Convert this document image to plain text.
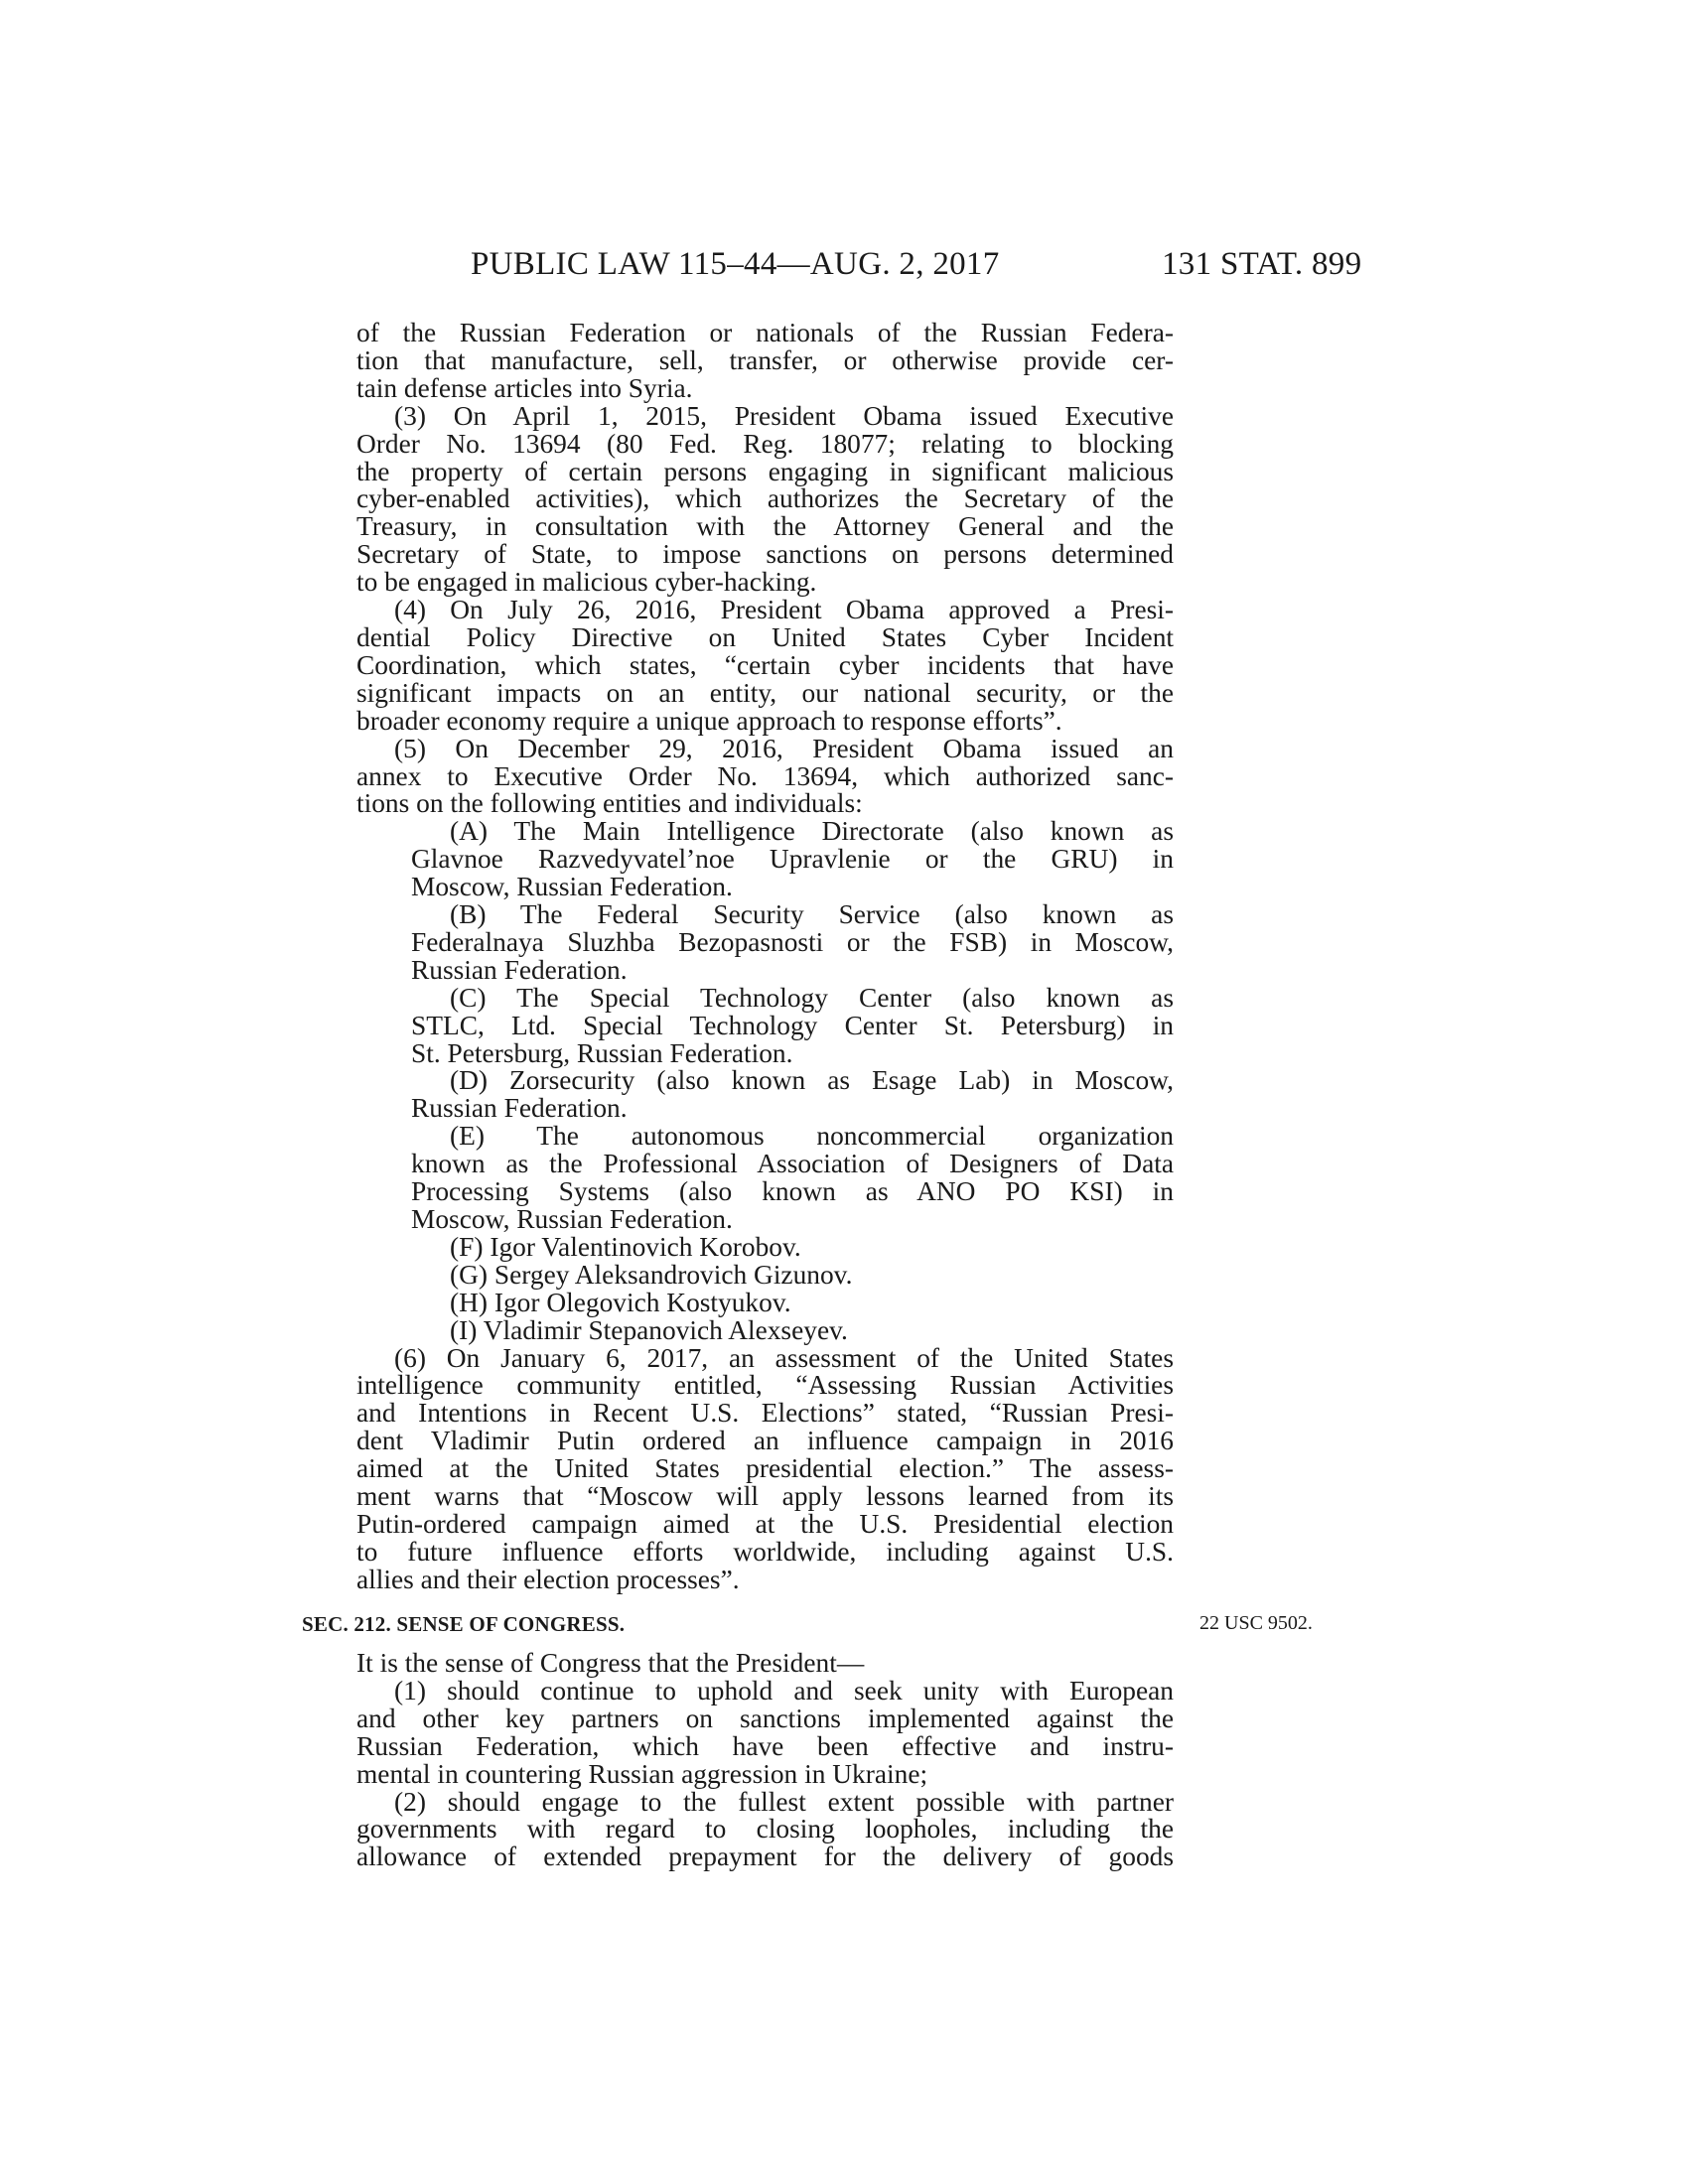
PUBLIC LAW 115–44—AUG. 2, 2017	131 STAT. 899
of the Russian Federation or nationals of the Russian Federa-
tion that manufacture, sell, transfer, or otherwise provide cer-
tain defense articles into Syria.
(3) On April 1, 2015, President Obama issued Executive
Order No. 13694 (80 Fed. Reg. 18077; relating to blocking
the property of certain persons engaging in significant malicious
cyber-enabled activities), which authorizes the Secretary of the
Treasury, in consultation with the Attorney General and the
Secretary of State, to impose sanctions on persons determined
to be engaged in malicious cyber-hacking.
(4) On July 26, 2016, President Obama approved a Presi-
dential Policy Directive on United States Cyber Incident
Coordination, which states, “certain cyber incidents that have
significant impacts on an entity, our national security, or the
broader economy require a unique approach to response efforts”.
(5) On December 29, 2016, President Obama issued an
annex to Executive Order No. 13694, which authorized sanc-
tions on the following entities and individuals:
(A) The Main Intelligence Directorate (also known as
Glavnoe Razvedyvatel’noe Upravlenie or the GRU) in
Moscow, Russian Federation.
(B) The Federal Security Service (also known as
Federalnaya Sluzhba Bezopasnosti or the FSB) in Moscow,
Russian Federation.
(C) The Special Technology Center (also known as
STLC, Ltd. Special Technology Center St. Petersburg) in
St. Petersburg, Russian Federation.
(D) Zorsecurity (also known as Esage Lab) in Moscow,
Russian Federation.
(E) The autonomous noncommercial organization
known as the Professional Association of Designers of Data
Processing Systems (also known as ANO PO KSI) in
Moscow, Russian Federation.
(F) Igor Valentinovich Korobov.
(G) Sergey Aleksandrovich Gizunov.
(H) Igor Olegovich Kostyukov.
(I) Vladimir Stepanovich Alexseyev.
(6) On January 6, 2017, an assessment of the United States
intelligence community entitled, “Assessing Russian Activities
and Intentions in Recent U.S. Elections” stated, “Russian Presi-
dent Vladimir Putin ordered an influence campaign in 2016
aimed at the United States presidential election.” The assess-
ment warns that “Moscow will apply lessons learned from its
Putin-ordered campaign aimed at the U.S. Presidential election
to future influence efforts worldwide, including against U.S.
allies and their election processes”.
SEC. 212. SENSE OF CONGRESS.	22 USC 9502.
It is the sense of Congress that the President—
(1) should continue to uphold and seek unity with European
and other key partners on sanctions implemented against the
Russian Federation, which have been effective and instru-
mental in countering Russian aggression in Ukraine;
(2) should engage to the fullest extent possible with partner
governments with regard to closing loopholes, including the
allowance of extended prepayment for the delivery of goods
